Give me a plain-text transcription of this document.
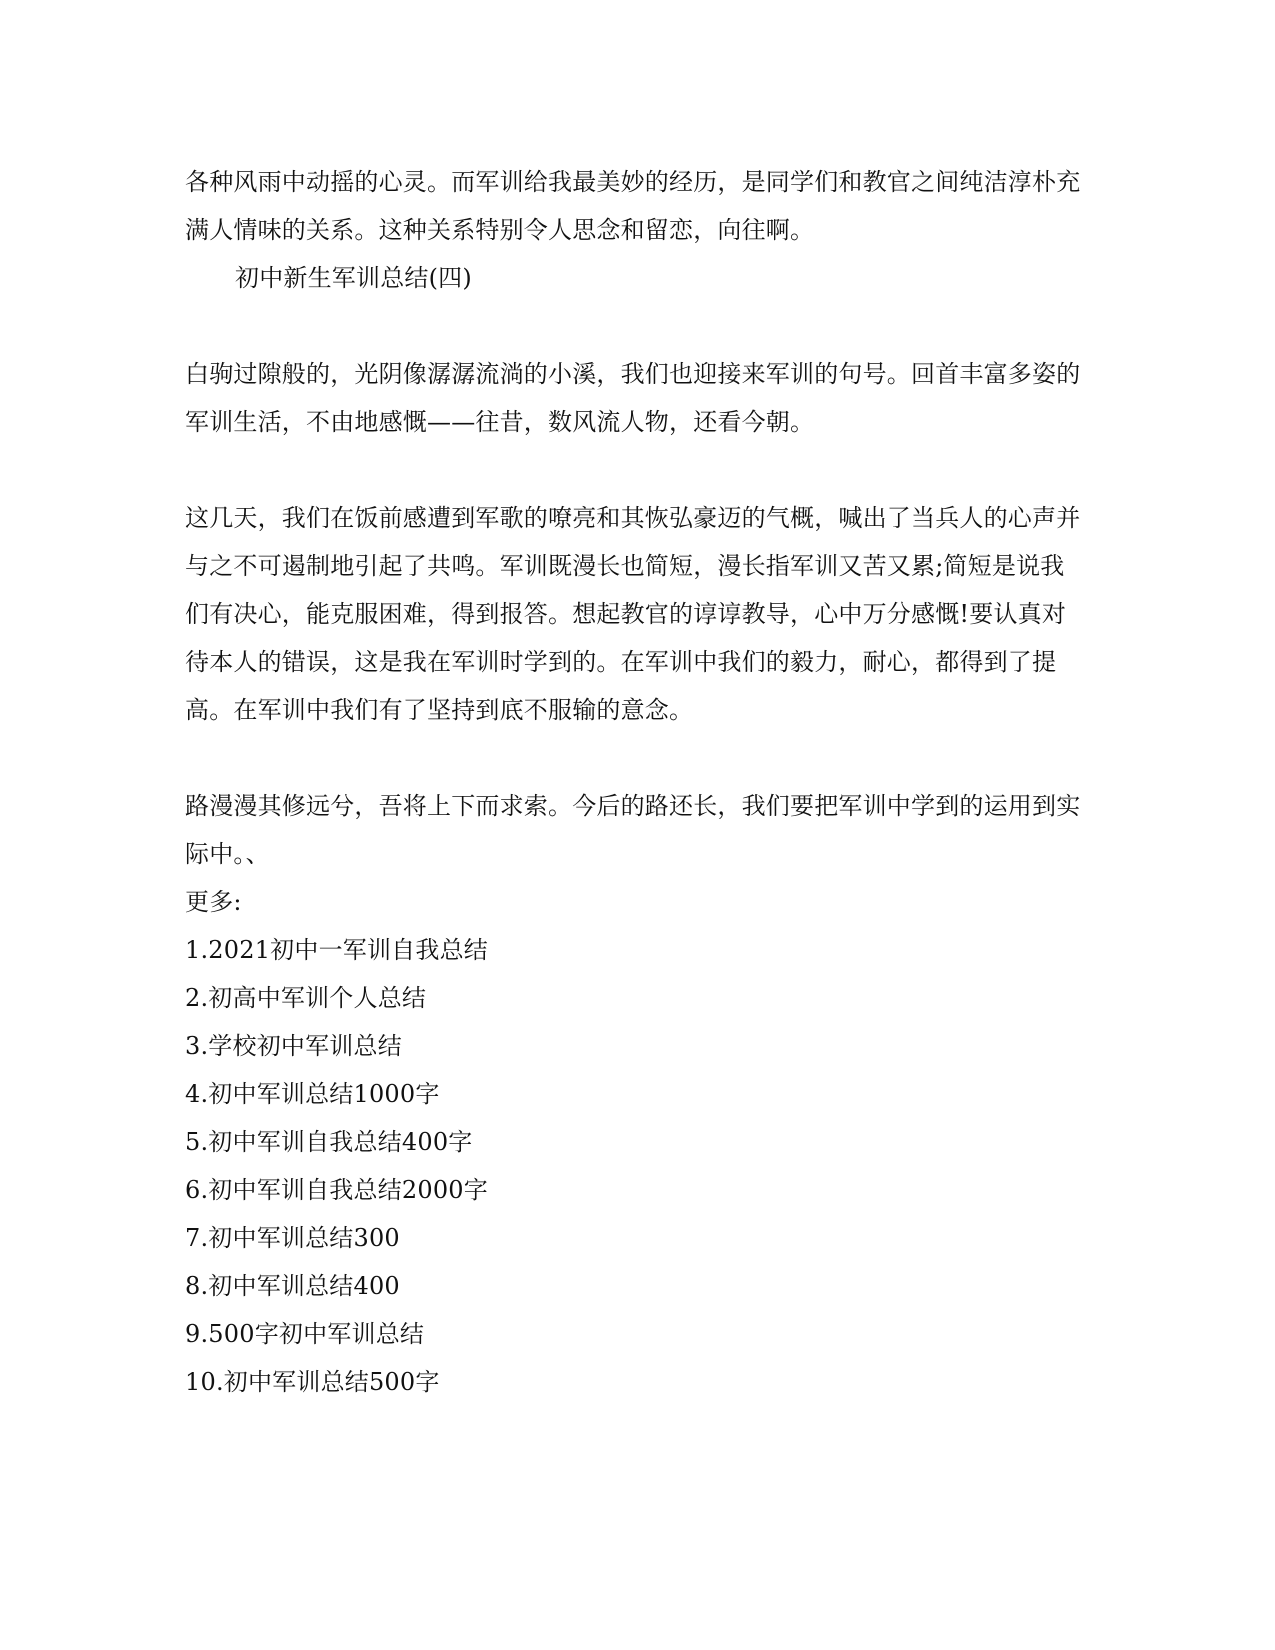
各种风雨中动摇的心灵。而军训给我最美妙的经历，是同学们和教官之间纯洁淳朴充满人情味的关系。这种关系特别令人思念和留恋，向往啊。

初中新生军训总结(四)

白驹过隙般的，光阴像潺潺流淌的小溪，我们也迎接来军训的句号。回首丰富多姿的军训生活，不由地感慨——往昔，数风流人物，还看今朝。

这几天，我们在饭前感遭到军歌的嘹亮和其恢弘豪迈的气概，喊出了当兵人的心声并与之不可遏制地引起了共鸣。军训既漫长也简短，漫长指军训又苦又累;简短是说我们有决心，能克服困难，得到报答。想起教官的谆谆教导，心中万分感慨!要认真对待本人的错误，这是我在军训时学到的。在军训中我们的毅力，耐心，都得到了提高。在军训中我们有了坚持到底不服输的意念。

路漫漫其修远兮，吾将上下而求索。今后的路还长，我们要把军训中学到的运用到实际中。、

更多:

1.2021初中一军训自我总结
2.初高中军训个人总结
3.学校初中军训总结
4.初中军训总结1000字
5.初中军训自我总结400字
6.初中军训自我总结2000字
7.初中军训总结300
8.初中军训总结400
9.500字初中军训总结
10.初中军训总结500字
